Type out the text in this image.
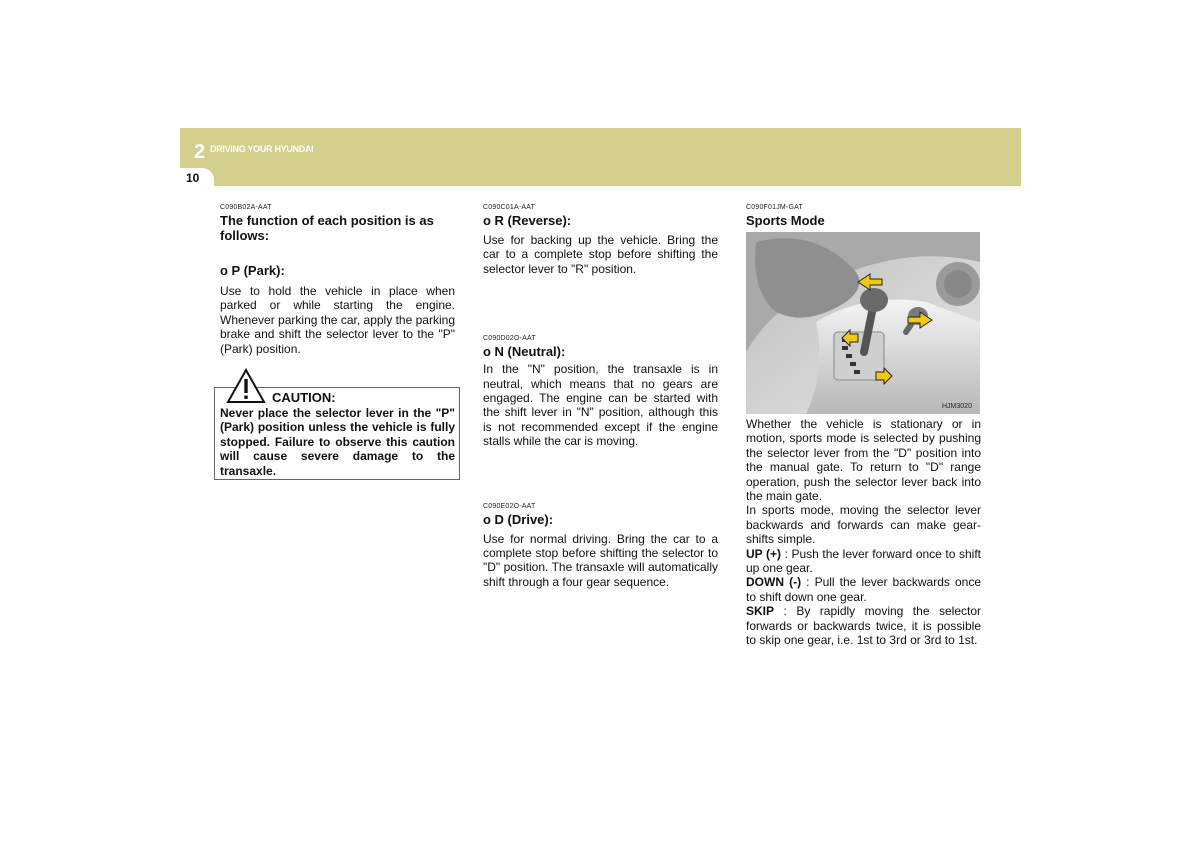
2 DRIVING YOUR HYUNDAI
10

C090B02A-AAT

The function of each position is as follows:

o P (Park):

Use to hold the vehicle in place when parked or while starting the engine. Whenever parking the car, apply the parking brake and shift the selector lever to the "P" (Park) position.

CAUTION:
Never place the selector lever in the "P" (Park) position unless the vehicle is fully stopped. Failure to observe this caution will cause severe damage to the transaxle.

C090C01A-AAT

o R (Reverse):

Use for backing up the vehicle. Bring the car to a complete stop before shifting the selector lever to "R" position.

C090D02O-AAT

o N (Neutral):

In the "N" position, the transaxle is in neutral, which means that no gears are engaged. The engine can be started with the shift lever in "N" position, although this is not recommended except if the engine stalls while the car is moving.

C090E02O-AAT

o D (Drive):

Use for normal driving. Bring the car to a complete stop before shifting the selector to "D" position. The transaxle will automatically shift through a four gear sequence.

C090F01JM-GAT

Sports Mode

HJM3020

Whether the vehicle is stationary or in motion, sports mode is selected by pushing the selector lever from the "D" position into the manual gate. To return to "D" range operation, push the selector lever back into the main gate.

In sports mode, moving the selector lever backwards and forwards can make gear-shifts simple.

UP (+) : Push the lever forward once to shift up one gear.

DOWN (-) : Pull the lever backwards once to shift down one gear.

SKIP : By rapidly moving the selector forwards or backwards twice, it is possible to skip one gear, i.e. 1st to 3rd or 3rd to 1st.
